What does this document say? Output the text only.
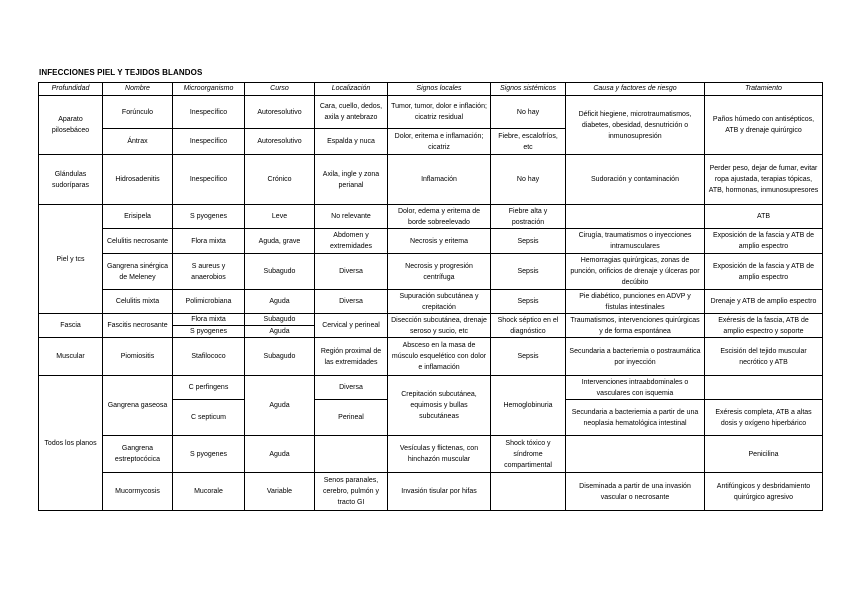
INFECCIONES PIEL Y TEJIDOS BLANDOS
Profundidad	Nombre	Microorganismo	Curso	Localización	Signos locales	Signos sistémicos	Causa y factores de riesgo	Tratamiento
Aparato pilosebáceo	Forúnculo	Inespecífico	Autoresolutivo	Cara, cuello, dedos, axila y antebrazo	Tumor, tumor, dolor e inflación; cicatriz residual	No hay	Déficit hiegiene, microtraumatismos, diabetes, obesidad, desnutrición o inmunosupresión	Paños húmedo con antisépticos, ATB y drenaje quirúrgico
	Ántrax	Inespecífico	Autoresolutivo	Espalda y nuca	Dolor, eritema e inflamación; cicatriz	Fiebre, escalofríos, etc		
Glándulas sudoríparas	Hidrosadenitis	Inespecífico	Crónico	Axila, ingle y zona perianal	Inflamación	No hay	Sudoración y contaminación	Perder peso, dejar de fumar, evitar ropa ajustada, terapias tópicas, ATB, hormonas, inmunosupresores
Piel y tcs	Erisipela	S pyogenes	Leve	No relevante	Dolor, edema y eritema de borde sobreelevado	Fiebre alta y postración		ATB
	Celulitis necrosante	Flora mixta	Aguda, grave	Abdomen y extremidades	Necrosis y eritema	Sepsis	Cirugía, traumatismos o inyecciones intramusculares	Exposición de la fascia y ATB de amplio espectro
	Gangrena sinérgica de Meleney	S aureus y anaerobios	Subagudo	Diversa	Necrosis y progresión centrífuga	Sepsis	Hemorragias quirúrgicas, zonas de punción, orificios de drenaje y úlceras por decúbito	Exposición de la fascia y ATB de amplio espectro
	Celulitis mixta	Polimicrobiana	Aguda	Diversa	Supuración subcutánea y crepitación	Sepsis	Pie diabético, punciones en ADVP y fístulas intestinales	Drenaje y ATB de amplio espectro
Fascia	Fascitis necrosante	Flora mixta	Subagudo	Cervical y perineal	Disección subcutánea, drenaje seroso y sucio, etc	Shock séptico en el diagnóstico	Traumatismos, intervenciones quirúrgicas y de forma espontánea	Exéresis de la fascia, ATB de amplio espectro y soporte
		S pyogenes	Aguda					
Muscular	Piomiositis	Stafilococo	Subagudo	Región proximal de las extremidades	Absceso en la masa de músculo esquelético con dolor e inflamación	Sepsis	Secundaria a bacteriemia o postraumática por inyección	Escisión del tejido muscular necrótico y ATB
Todos los planos	Gangrena gaseosa	C perfingens	Aguda	Diversa	Crepitación subcutánea, equimosis y bullas subcutáneas	Hemoglobinuria	Intervenciones intraabdominales o vasculares con isquemia	
		C septicum		Perineal			Secundaria a bacteriemia a partir de una neoplasia hematológica intestinal	Exéresis completa, ATB a altas dosis y oxígeno hiperbárico
	Gangrena estreptocócica	S pyogenes	Aguda		Vesículas y flictenas, con hinchazón muscular	Shock tóxico y síndrome compartimental		Penicilina
	Mucormycosis	Mucorale	Variable	Senos paranales, cerebro, pulmón y tracto GI	Invasión tisular por hifas		Diseminada a partir de una invasión vascular o necrosante	Antifúngicos y desbridamiento quirúrgico agresivo
